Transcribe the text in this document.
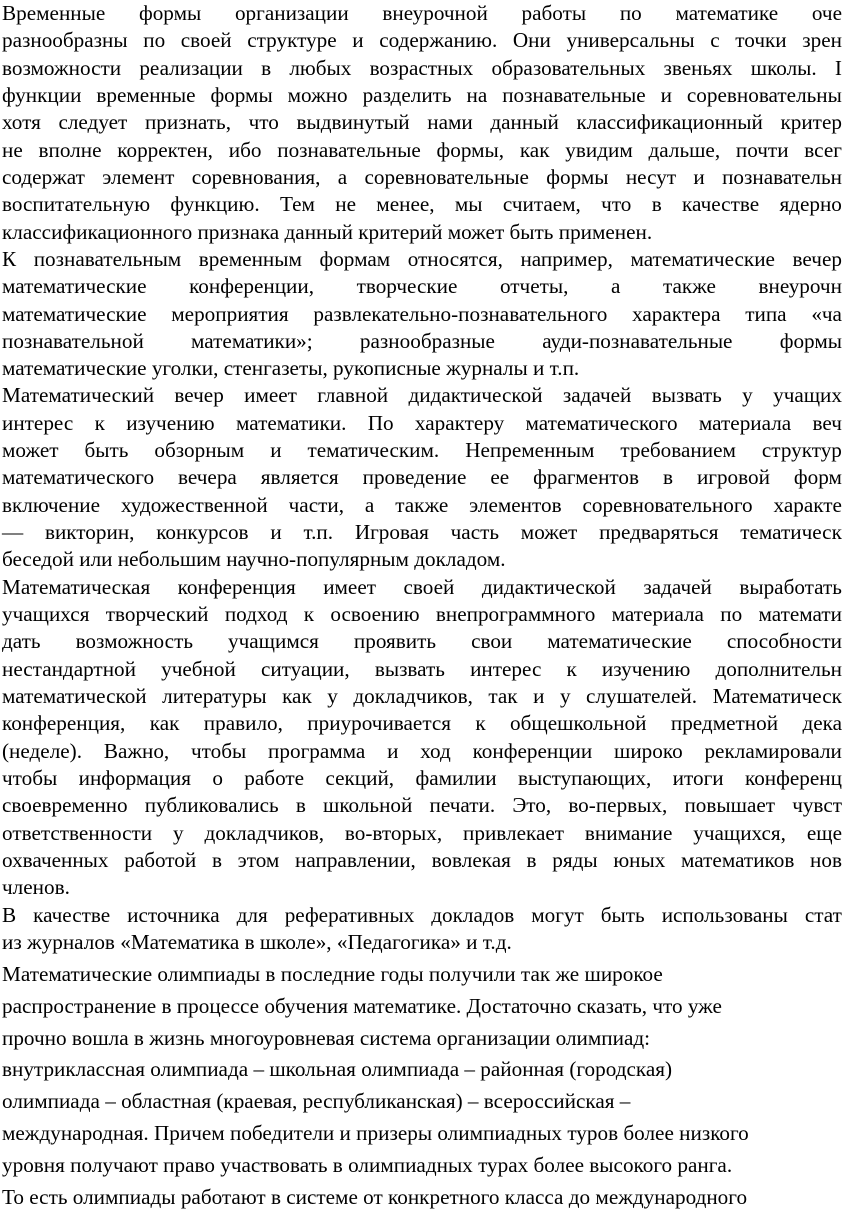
Временные формы организации внеурочной работы по математике оче
разнообразны по своей структуре и содержанию. Они универсальны с точки зрен
возможности реализации в любых возрастных образовательных звеньях школы. I
функции временные формы можно разделить на познавательные и соревновательны
хотя следует признать, что выдвинутый нами данный классификационный критер
не вполне корректен, ибо познавательные формы, как увидим дальше, почти всег
содержат элемент соревнования, а соревновательные формы несут и познавательн
воспитательную функцию. Тем не менее, мы считаем, что в качестве ядерно
классификационного признака данный критерий может быть применен.
К познавательным временным формам относятся, например, математические вечер
математические конференции, творческие отчеты, а также внеурочн
математические мероприятия развлекательно-познавательного характера типа «ча
познавательной математики»; разнообразные ауди-познавательные формы
математические уголки, стенгазеты, рукописные журналы и т.п.
Математический вечер имеет главной дидактической задачей вызвать у учащих
интерес к изучению математики. По характеру математического материала веч
может быть обзорным и тематическим. Непременным требованием структур
математического вечера является проведение ее фрагментов в игровой форм
включение художественной части, а также элементов соревновательного характе
— викторин, конкурсов и т.п. Игровая часть может предваряться тематическ
беседой или небольшим научно-популярным докладом.
Математическая конференция имеет своей дидактической задачей выработать
учащихся творческий подход к освоению внепрограммного материала по математи
дать возможность учащимся проявить свои математические способности
нестандартной учебной ситуации, вызвать интерес к изучению дополнительн
математической литературы как у докладчиков, так и у слушателей. Математическ
конференция, как правило, приурочивается к общешкольной предметной дека
(неделе). Важно, чтобы программа и ход конференции широко рекламировали
чтобы информация о работе секций, фамилии выступающих, итоги конференц
своевременно публиковались в школьной печати. Это, во-первых, повышает чувст
ответственности у докладчиков, во-вторых, привлекает внимание учащихся, еще
охваченных работой в этом направлении, вовлекая в ряды юных математиков нов
членов.
В качестве источника для реферативных докладов могут быть использованы стат
из журналов «Математика в школе», «Педагогика» и т.д.
Математические олимпиады в последние годы получили так же широкое
распространение в процессе обучения математике. Достаточно сказать, что уже
прочно вошла в жизнь многоуровневая система организации олимпиад:
внутриклассная олимпиада – школьная олимпиада – районная (городская)
олимпиада – областная (краевая, республиканская) – всероссийская –
международная. Причем победители и призеры олимпиадных туров более низкого
уровня получают право участвовать в олимпиадных турах более высокого ранга.
То есть олимпиады работают в системе от конкретного класса до международного
